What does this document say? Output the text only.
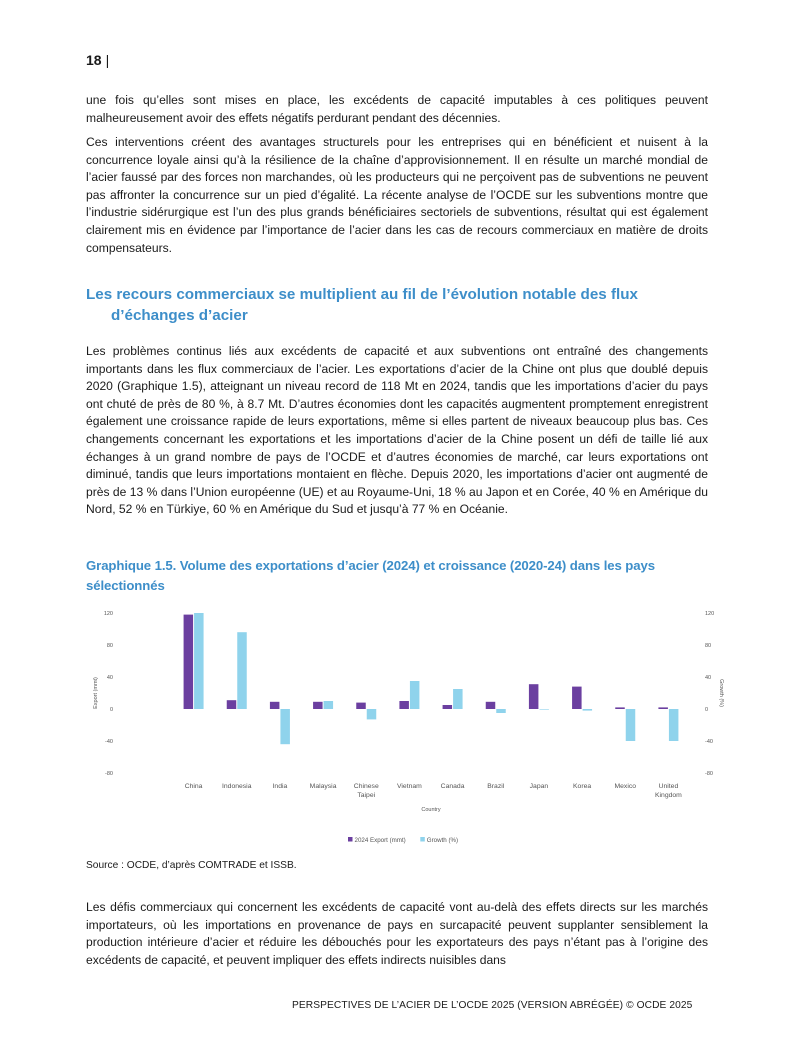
18 |

une fois qu’elles sont mises en place, les excédents de capacité imputables à ces politiques peuvent malheureusement avoir des effets négatifs perdurant pendant des décennies.

Ces interventions créent des avantages structurels pour les entreprises qui en bénéficient et nuisent à la concurrence loyale ainsi qu’à la résilience de la chaîne d’approvisionnement. Il en résulte un marché mondial de l’acier faussé par des forces non marchandes, où les producteurs qui ne perçoivent pas de subventions ne peuvent pas affronter la concurrence sur un pied d’égalité. La récente analyse de l’OCDE sur les subventions montre que l’industrie sidérurgique est l’un des plus grands bénéficiaires sectoriels de subventions, résultat qui est également clairement mis en évidence par l’importance de l’acier dans les cas de recours commerciaux en matière de droits compensateurs.

Les recours commerciaux se multiplient au fil de l’évolution notable des flux
d’échanges d’acier

Les problèmes continus liés aux excédents de capacité et aux subventions ont entraîné des changements importants dans les flux commerciaux de l’acier. Les exportations d’acier de la Chine ont plus que doublé depuis 2020 (Graphique 1.5), atteignant un niveau record de 118 Mt en 2024, tandis que les importations d’acier du pays ont chuté de près de 80 %, à 8.7 Mt. D’autres économies dont les capacités augmentent promptement enregistrent également une croissance rapide de leurs exportations, même si elles partent de niveaux beaucoup plus bas. Ces changements concernant les exportations et les importations d’acier de la Chine posent un défi de taille lié aux échanges à un grand nombre de pays de l’OCDE et d’autres économies de marché, car leurs exportations ont diminué, tandis que leurs importations montaient en flèche. Depuis 2020, les importations d’acier ont augmenté de près de 13 % dans l’Union européenne (UE) et au Royaume-Uni, 18 % au Japon et en Corée, 40 % en Amérique du Nord, 52 % en Türkiye, 60 % en Amérique du Sud et jusqu’à 77 % en Océanie.

Graphique 1.5. Volume des exportations d’acier (2024) et croissance (2020-24) dans les pays
sélectionnés
120	120
80	80
40	40
0	0
-40	-40
-80	-80
Export (mmt)	Growth (%)
China	Indonesia	India	Malaysia	Chinese
Taipei
Vietnam	Canada	Brazil	Japan	Korea	Mexico	United
Kingdom
Country
2024 Export (mmt)	Growth (%)
Source : OCDE, d’après COMTRADE et ISSB.

Les défis commerciaux qui concernent les excédents de capacité vont au-delà des effets directs sur les marchés importateurs, où les importations en provenance de pays en surcapacité peuvent supplanter sensiblement la production intérieure d’acier et réduire les débouchés pour les exportateurs des pays n’étant pas à l’origine des excédents de capacité, et peuvent impliquer des effets indirects nuisibles dans

PERSPECTIVES DE L’ACIER DE L’OCDE 2025 (VERSION ABRÉGÉE) © OCDE 2025
